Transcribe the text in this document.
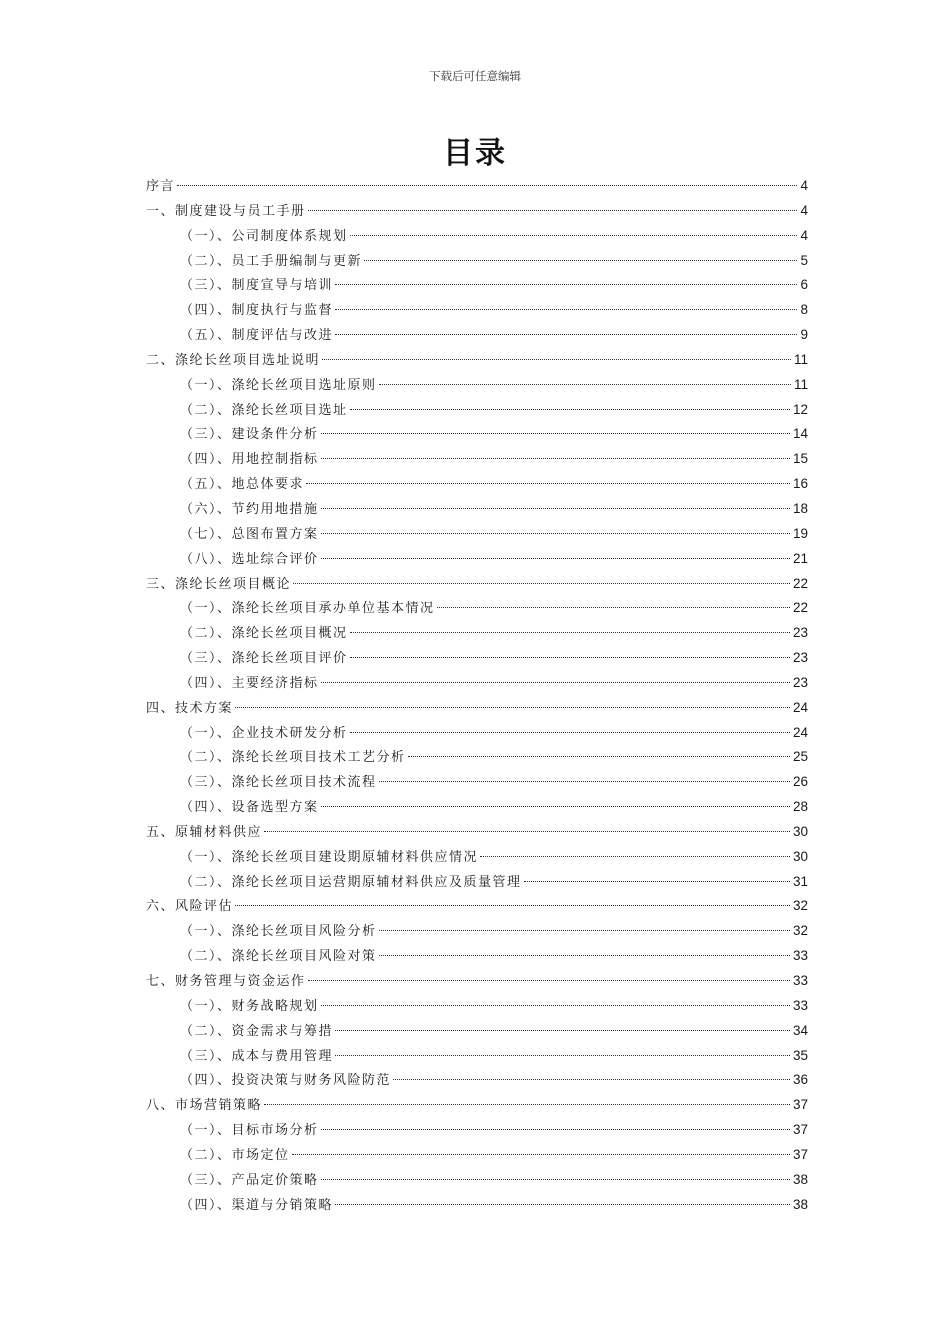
下载后可任意编辑
目录
序言	4
一、制度建设与员工手册	4
（一）、公司制度体系规划	4
（二）、员工手册编制与更新	5
（三）、制度宣导与培训	6
（四）、制度执行与监督	8
（五）、制度评估与改进	9
二、涤纶长丝项目选址说明	11
（一）、涤纶长丝项目选址原则	11
（二）、涤纶长丝项目选址	12
（三）、建设条件分析	14
（四）、用地控制指标	15
（五）、地总体要求	16
（六）、节约用地措施	18
（七）、总图布置方案	19
（八）、选址综合评价	21
三、涤纶长丝项目概论	22
（一）、涤纶长丝项目承办单位基本情况	22
（二）、涤纶长丝项目概况	23
（三）、涤纶长丝项目评价	23
（四）、主要经济指标	23
四、技术方案	24
（一）、企业技术研发分析	24
（二）、涤纶长丝项目技术工艺分析	25
（三）、涤纶长丝项目技术流程	26
（四）、设备选型方案	28
五、原辅材料供应	30
（一）、涤纶长丝项目建设期原辅材料供应情况	30
（二）、涤纶长丝项目运营期原辅材料供应及质量管理	31
六、风险评估	32
（一）、涤纶长丝项目风险分析	32
（二）、涤纶长丝项目风险对策	33
七、财务管理与资金运作	33
（一）、财务战略规划	33
（二）、资金需求与筹措	34
（三）、成本与费用管理	35
（四）、投资决策与财务风险防范	36
八、市场营销策略	37
（一）、目标市场分析	37
（二）、市场定位	37
（三）、产品定价策略	38
（四）、渠道与分销策略	38
